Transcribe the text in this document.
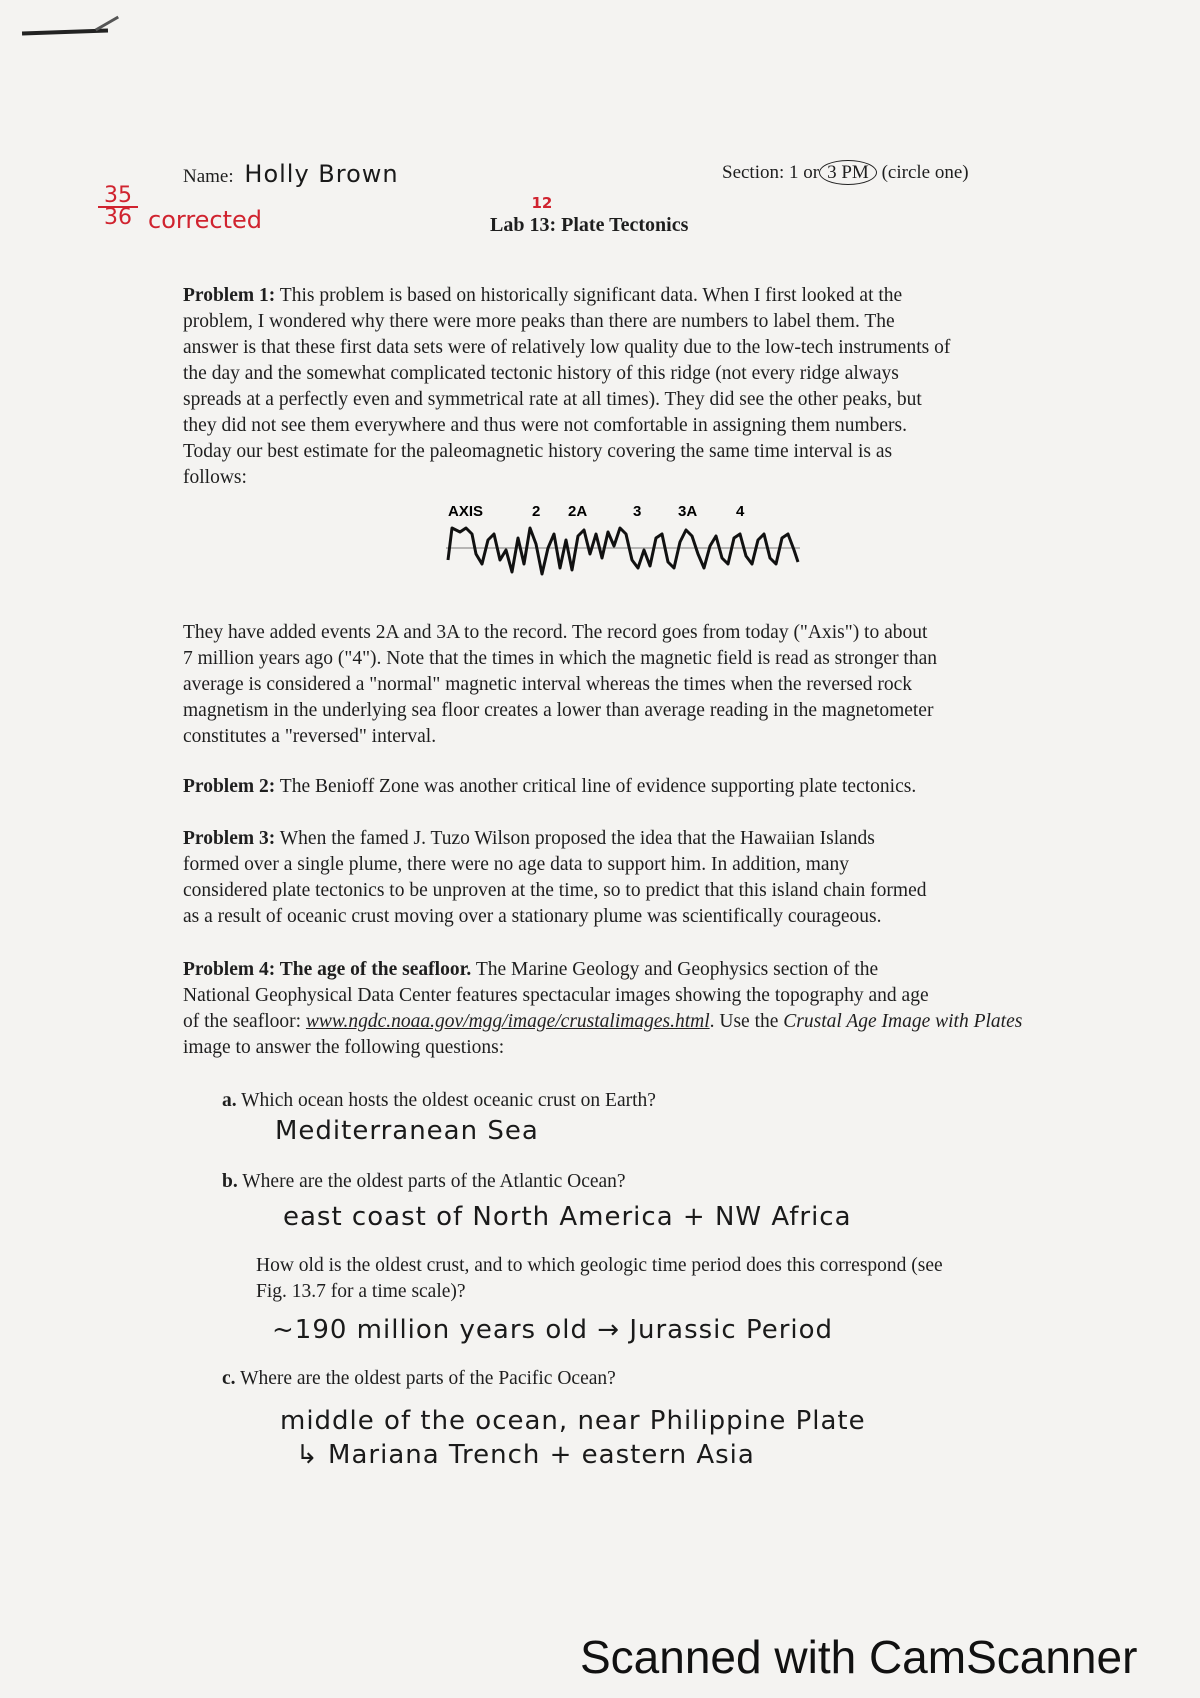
Name: Holly Brown	Section: 1 or 3 PM (circle one)
35
36 corrected	Lab
12
13: Plate Tectonics
Problem 1: This problem is based on historically significant data. When I first looked at the
problem, I wondered why there were more peaks than there are numbers to label them. The
answer is that these first data sets were of relatively low quality due to the low-tech instruments of
the day and the somewhat complicated tectonic history of this ridge (not every ridge always
spreads at a perfectly even and symmetrical rate at all times). They did see the other peaks, but
they did not see them everywhere and thus were not comfortable in assigning them numbers.
Today our best estimate for the paleomagnetic history covering the same time interval is as
follows:
AXIS	2 2A	3 3A	4
They have added events 2A and 3A to the record. The record goes from today ("Axis") to about
7 million years ago ("4"). Note that the times in which the magnetic field is read as stronger than
average is considered a "normal" magnetic interval whereas the times when the reversed rock
magnetism in the underlying sea floor creates a lower than average reading in the magnetometer
constitutes a "reversed" interval.
Problem 2: The Benioff Zone was another critical line of evidence supporting plate tectonics.
Problem 3: When the famed J. Tuzo Wilson proposed the idea that the Hawaiian Islands
formed over a single plume, there were no age data to support him. In addition, many
considered plate tectonics to be unproven at the time, so to predict that this island chain formed
as a result of oceanic crust moving over a stationary plume was scientifically courageous.
Problem 4: The age of the seafloor. The Marine Geology and Geophysics section of the
National Geophysical Data Center features spectacular images showing the topography and age
of the seafloor: www.ngdc.noaa.gov/mgg/image/crustalimages.html. Use the Crustal Age Image with Plates
image to answer the following questions:
a. Which ocean hosts the oldest oceanic crust on Earth?
Mediterranean Sea
b. Where are the oldest parts of the Atlantic Ocean?
east coast of North America + NW Africa
How old is the oldest crust, and to which geologic time period does this correspond (see
Fig. 13.7 for a time scale)?
~190 million years old → Jurassic Period
c. Where are the oldest parts of the Pacific Ocean?
middle of the ocean, near Philippine Plate
↳ Mariana Trench + eastern Asia
Scanned with CamScanner
